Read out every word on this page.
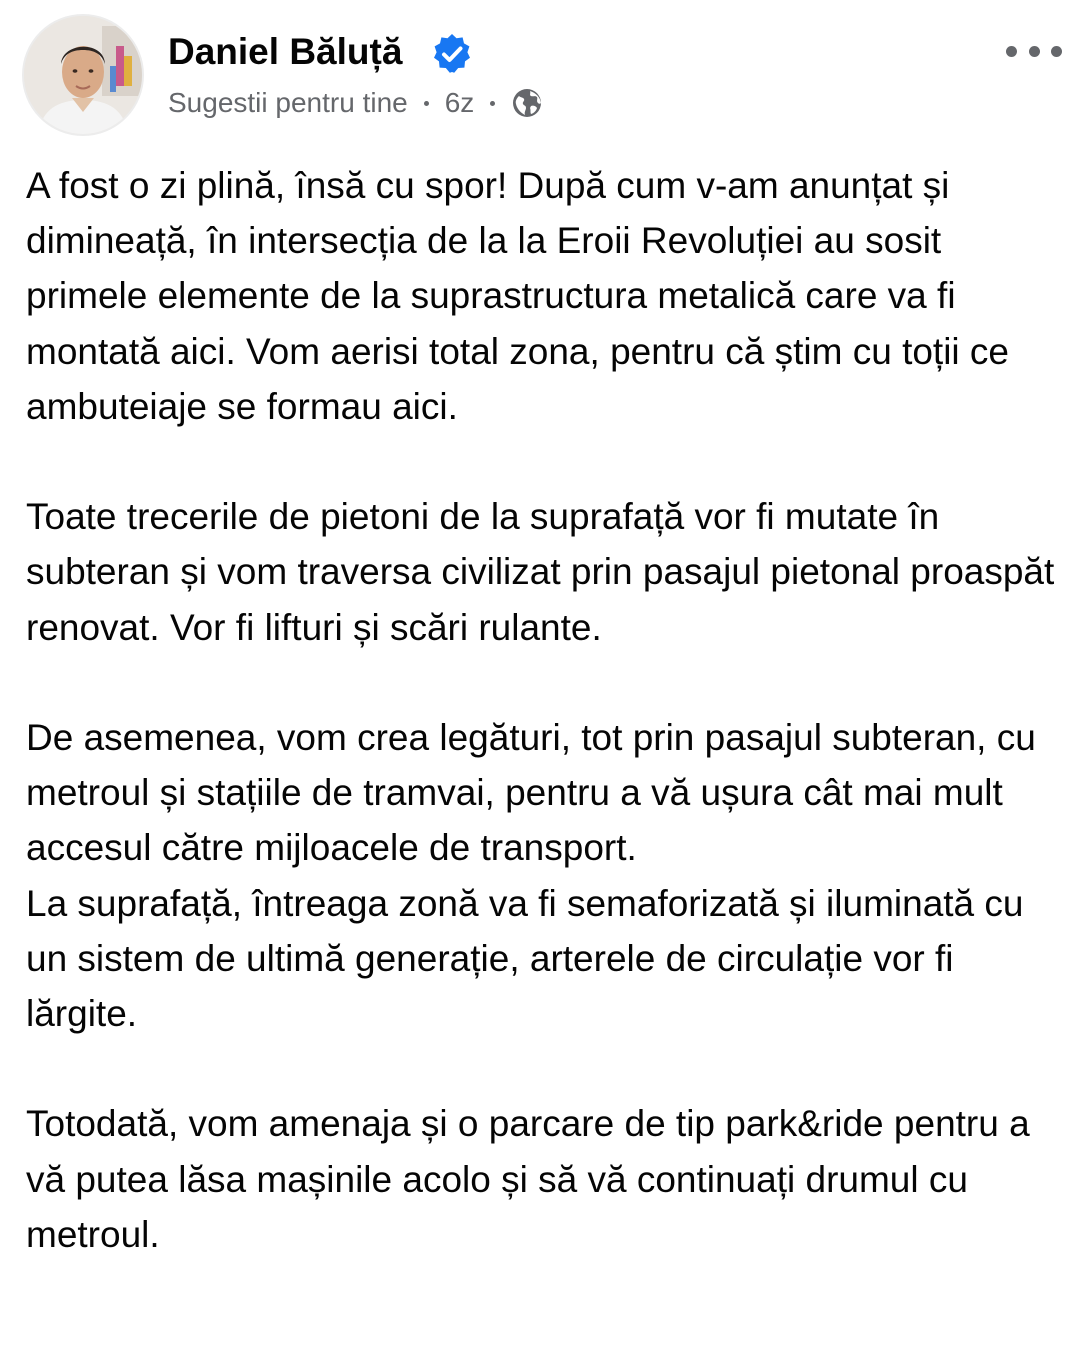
Daniel Băluță
Sugestii pentru tine 6z

A fost o zi plină, însă cu spor! După cum v-am anunțat și dimineață, în intersecția de la la Eroii Revoluției au sosit primele elemente de la suprastructura metalică care va fi montată aici. Vom aerisi total zona, pentru că știm cu toții ce ambuteiaje se formau aici.

Toate trecerile de pietoni de la suprafață vor fi mutate în subteran și vom traversa civilizat prin pasajul pietonal proaspăt renovat. Vor fi lifturi și scări rulante.

De asemenea, vom crea legături, tot prin pasajul subteran, cu metroul și stațiile de tramvai, pentru a vă ușura cât mai mult accesul către mijloacele de transport.

La suprafață, întreaga zonă va fi semaforizată și iluminată cu un sistem de ultimă generație, arterele de circulație vor fi lărgite.

Totodată, vom amenaja și o parcare de tip park&ride pentru a vă putea lăsa mașinile acolo și să vă continuați drumul cu metroul.
